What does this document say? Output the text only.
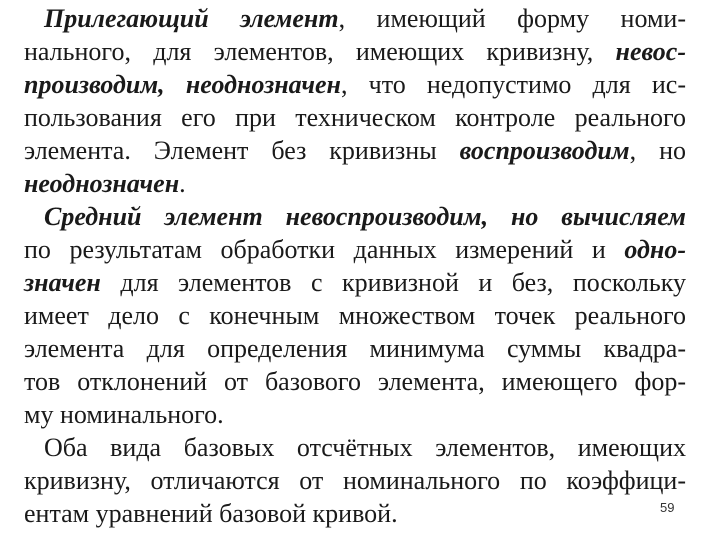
Прилегающий элемент, имеющий форму номи-
нального, для элементов, имеющих кривизну, невос-
производим, неоднозначен, что недопустимо для ис-
пользования его при техническом контроле реального
элемента. Элемент без кривизны воспроизводим, но
неоднозначен.
Средний элемент невоспроизводим, но вычисляем
по результатам обработки данных измерений и одно-
значен для элементов с кривизной и без, поскольку
имеет дело с конечным множеством точек реального
элемента для определения минимума суммы квадра-
тов отклонений от базового элемента, имеющего фор-
му номинального.
Оба вида базовых отсчётных элементов, имеющих
кривизну, отличаются от номинального по коэффици-
ентам уравнений базовой кривой.	59
